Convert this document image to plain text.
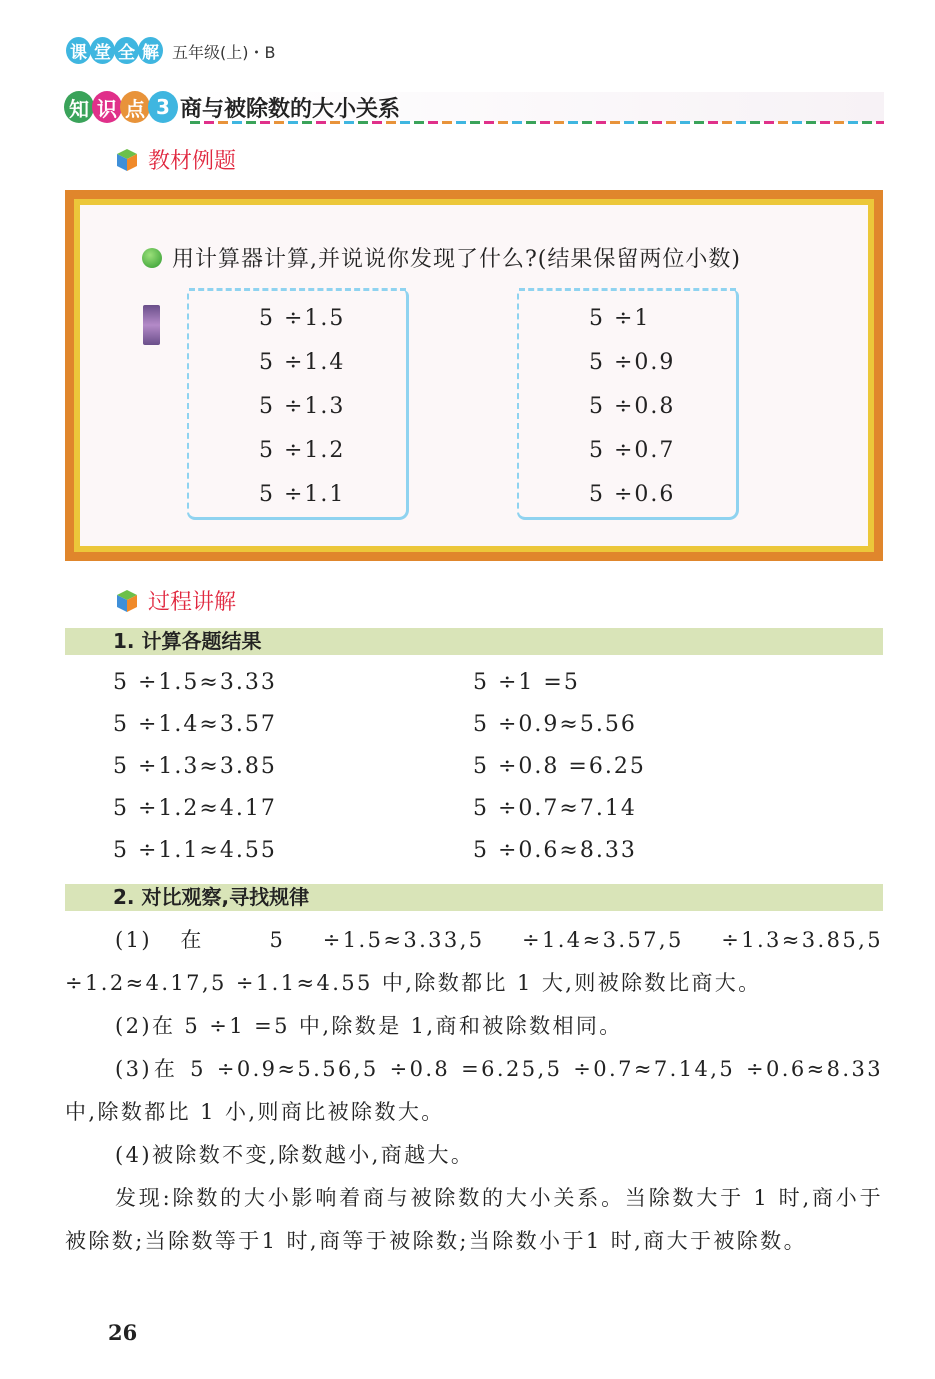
课 堂 全 解 五年级(上)・B
知 识 点 3 商与被除数的大小关系
教材例题
用计算器计算,并说说你发现了什么?(结果保留两位小数)
5 ÷1.5
5 ÷1.4
5 ÷1.3
5 ÷1.2
5 ÷1.1
5 ÷1
5 ÷0.9
5 ÷0.8
5 ÷0.7
5 ÷0.6
过程讲解
1. 计算各题结果
5 ÷1.5≈3.33
5 ÷1.4≈3.57
5 ÷1.3≈3.85
5 ÷1.2≈4.17
5 ÷1.1≈4.55
5 ÷1 =5
5 ÷0.9≈5.56
5 ÷0.8 =6.25
5 ÷0.7≈7.14
5 ÷0.6≈8.33
2. 对比观察,寻找规律

(1)在 5 ÷1.5≈3.33,5 ÷1.4≈3.57,5 ÷1.3≈3.85,5 ÷1.2≈4.17,5 ÷1.1≈4.55 中,除数都比 1 大,则被除数比商大。

(2)在 5 ÷1 =5 中,除数是 1,商和被除数相同。

(3)在 5 ÷0.9≈5.56,5 ÷0.8 =6.25,5 ÷0.7≈7.14,5 ÷0.6≈8.33 中,除数都比 1 小,则商比被除数大。

(4)被除数不变,除数越小,商越大。

发现:除数的大小影响着商与被除数的大小关系。当除数大于 1 时,商小于被除数;当除数等于1 时,商等于被除数;当除数小于1 时,商大于被除数。

26
